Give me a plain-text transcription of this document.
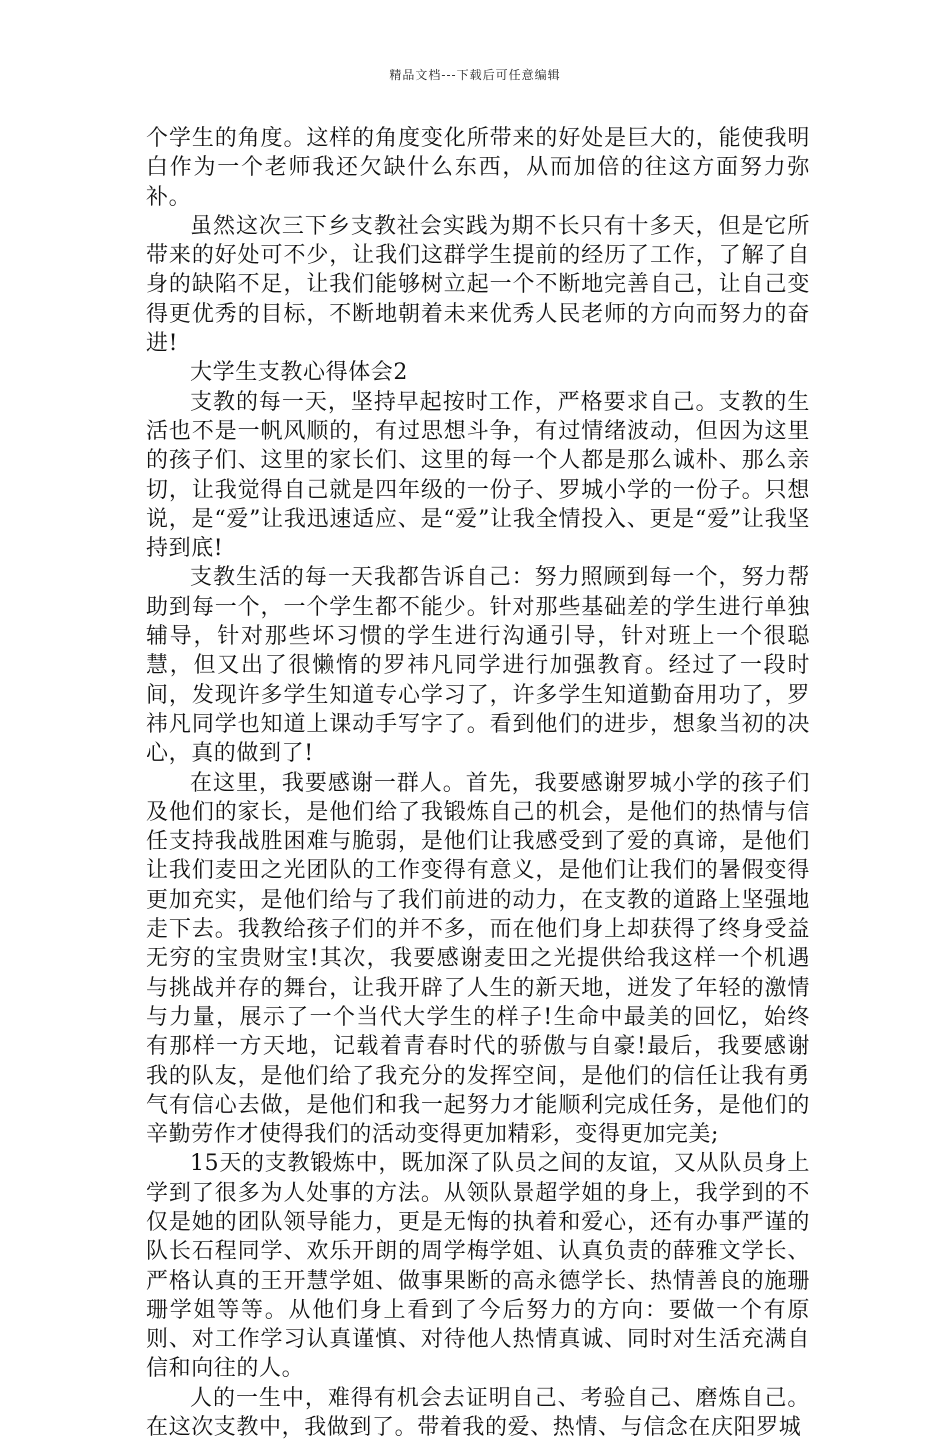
精品文档---下载后可任意编辑

个学生的角度。这样的角度变化所带来的好处是巨大的，能使我明白作为一个老师我还欠缺什么东西，从而加倍的往这方面努力弥补。

虽然这次三下乡支教社会实践为期不长只有十多天，但是它所带来的好处可不少，让我们这群学生提前的经历了工作，了解了自身的缺陷不足，让我们能够树立起一个不断地完善自己，让自己变得更优秀的目标，不断地朝着未来优秀人民老师的方向而努力的奋进!

大学生支教心得体会2

支教的每一天，坚持早起按时工作，严格要求自己。支教的生活也不是一帆风顺的，有过思想斗争，有过情绪波动，但因为这里的孩子们、这里的家长们、这里的每一个人都是那么诚朴、那么亲切，让我觉得自己就是四年级的一份子、罗城小学的一份子。只想说，是“爱”让我迅速适应、是“爱”让我全情投入、更是“爱”让我坚持到底!

支教生活的每一天我都告诉自己：努力照顾到每一个，努力帮助到每一个，一个学生都不能少。针对那些基础差的学生进行单独辅导，针对那些坏习惯的学生进行沟通引导，针对班上一个很聪慧，但又出了很懒惰的罗祎凡同学进行加强教育。经过了一段时间，发现许多学生知道专心学习了，许多学生知道勤奋用功了，罗祎凡同学也知道上课动手写字了。看到他们的进步，想象当初的决心，真的做到了!

在这里，我要感谢一群人。首先，我要感谢罗城小学的孩子们及他们的家长，是他们给了我锻炼自己的机会，是他们的热情与信任支持我战胜困难与脆弱，是他们让我感受到了爱的真谛，是他们让我们麦田之光团队的工作变得有意义，是他们让我们的暑假变得更加充实，是他们给与了我们前进的动力，在支教的道路上坚强地走下去。我教给孩子们的并不多，而在他们身上却获得了终身受益无穷的宝贵财宝!其次，我要感谢麦田之光提供给我这样一个机遇与挑战并存的舞台，让我开辟了人生的新天地，迸发了年轻的激情与力量，展示了一个当代大学生的样子!生命中最美的回忆，始终有那样一方天地，记载着青春时代的骄傲与自豪!最后，我要感谢我的队友，是他们给了我充分的发挥空间，是他们的信任让我有勇气有信心去做，是他们和我一起努力才能顺利完成任务，是他们的辛勤劳作才使得我们的活动变得更加精彩，变得更加完美;

15天的支教锻炼中，既加深了队员之间的友谊，又从队员身上学到了很多为人处事的方法。从领队景超学姐的身上，我学到的不仅是她的团队领导能力，更是无悔的执着和爱心，还有办事严谨的队长石程同学、欢乐开朗的周学梅学姐、认真负责的薛雅文学长、严格认真的王开慧学姐、做事果断的高永德学长、热情善良的施珊珊学姐等等。从他们身上看到了今后努力的方向：要做一个有原则、对工作学习认真谨慎、对待他人热情真诚、同时对生活充满自信和向往的人。

人的一生中，难得有机会去证明自己、考验自己、磨炼自己。在这次支教中，我做到了。带着我的爱、热情、与信念在庆阳罗城
